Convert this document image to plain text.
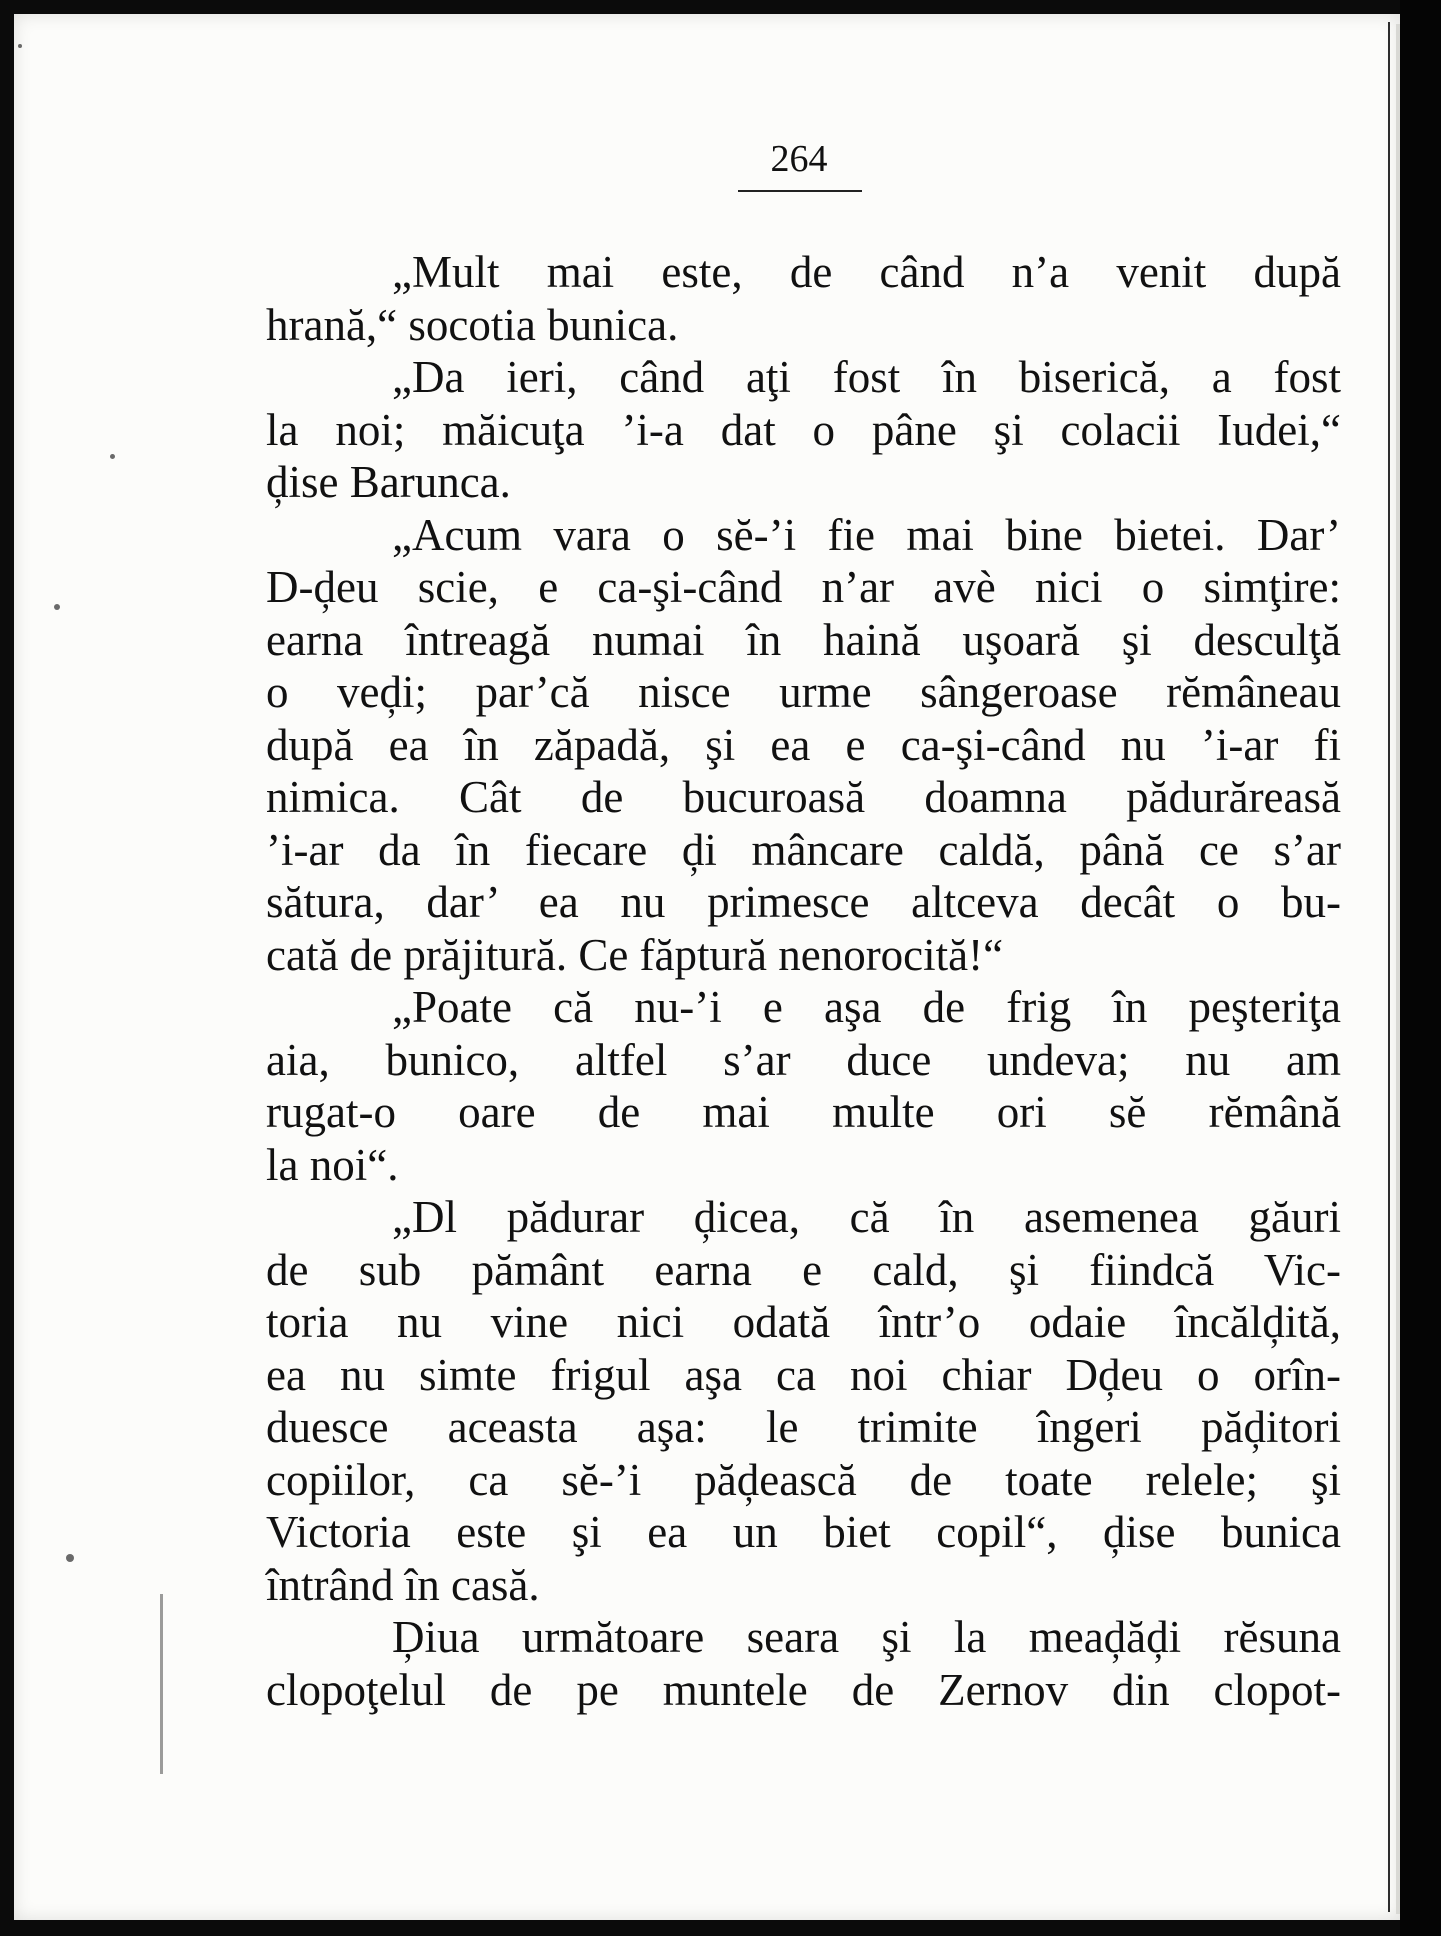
264
„Mult mai este, de când n’a venit după
hrană,“ socotia bunica.
„Da ieri, când aţi fost în biserică, a fost
la noi; măicuţa ’i-a dat o pâne şi colacii Iudei,“
ḑise Barunca.
„Acum vara o sĕ-’i fie mai bine bietei. Dar’
D-ḑeu scie, e ca-şi-când n’ar avè nici o simţire:
earna întreagă numai în haină uşoară şi desculţă
o veḑi; par’că nisce urme sângeroase rĕmâneau
după ea în zăpadă, şi ea e ca-şi-când nu ’i-ar fi
nimica. Cât de bucuroasă doamna pădurăreasă
’i-ar da în fiecare ḑi mâncare caldă, până ce s’ar
sătura, dar’ ea nu primesce altceva decât o bu-
cată de prăjitură. Ce făptură nenorocită!“
„Poate că nu-’i e aşa de frig în peşteriţa
aia, bunico, altfel s’ar duce undeva; nu am
rugat-o oare de mai multe ori sĕ rĕmână
la noi“.
„Dl pădurar ḑicea, că în asemenea găuri
de sub pământ earna e cald, şi fiindcă Vic-
toria nu vine nici odată într’o odaie încălḑită,
ea nu simte frigul aşa ca noi chiar Dḑeu o orîn-
duesce aceasta aşa: le trimite îngeri păḑitori
copiilor, ca sĕ-’i păḑească de toate relele; şi
Victoria este şi ea un biet copil“, ḑise bunica
întrând în casă.
Ḑiua următoare seara şi la meaḑăḑi rĕsuna
clopoţelul de pe muntele de Zernov din clopot-
